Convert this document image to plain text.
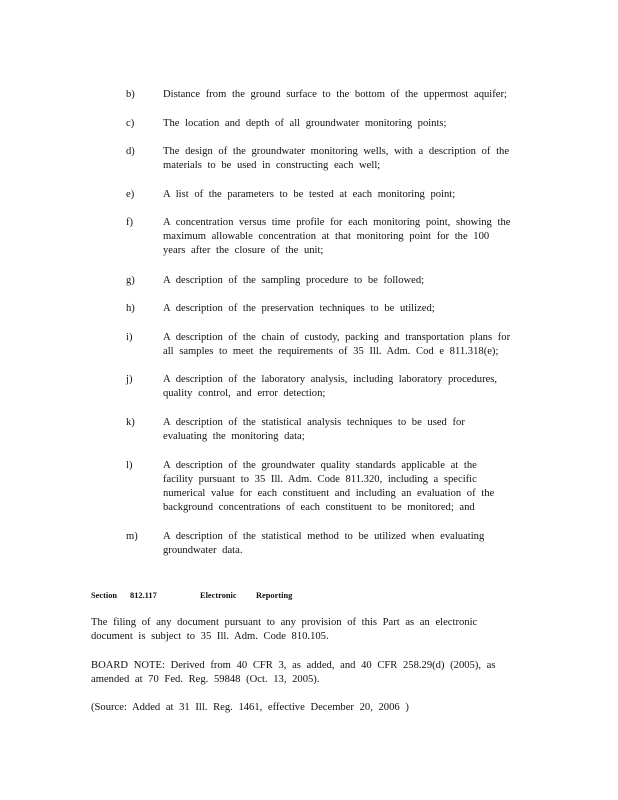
b)	Distance from the ground surface to the bottom of the uppermost aquifer;
c)	The location and depth of all groundwater monitoring points;
d)	The design of the groundwater monitoring wells, with a description of the
materials to be used in constructing each well;
e)	A list of the parameters to be tested at each monitoring point;
f)	A concentration versus time profile for each monitoring point, showing the
maximum allowable concentration at that monitoring point for the 100
years after the closure of the unit;
g)	A description of the sampling procedure to be followed;
h)	A description of the preservation techniques to be utilized;
i)	A description of the chain of custody, packing and transportation plans for
all samples to meet the requirements of 35 Ill. Adm. Cod e 811.318(e);
j)	A description of the laboratory analysis, including laboratory procedures,
quality control, and error detection;
k)	A description of the statistical analysis techniques to be used for
evaluating the monitoring data;
l)	A description of the groundwater quality standards applicable at the
facility pursuant to 35 Ill. Adm. Code 811.320, including a specific
numerical value for each constituent and including an evaluation of the
background concentrations of each constituent to be monitored; and
m) A description of the statistical method to be utilized when evaluating
groundwater data.
Section 812.117	Electronic Reporting
The filing of any document pursuant to any provision of this Part as an electronic
document is subject to 35 Ill. Adm. Code 810.105.
BOARD NOTE: Derived from 40 CFR 3, as added, and 40 CFR 258.29(d) (2005), as
amended at 70 Fed. Reg. 59848 (Oct. 13, 2005).
(Source: Added at 31 Ill. Reg. 1461, effective December 20, 2006 )
